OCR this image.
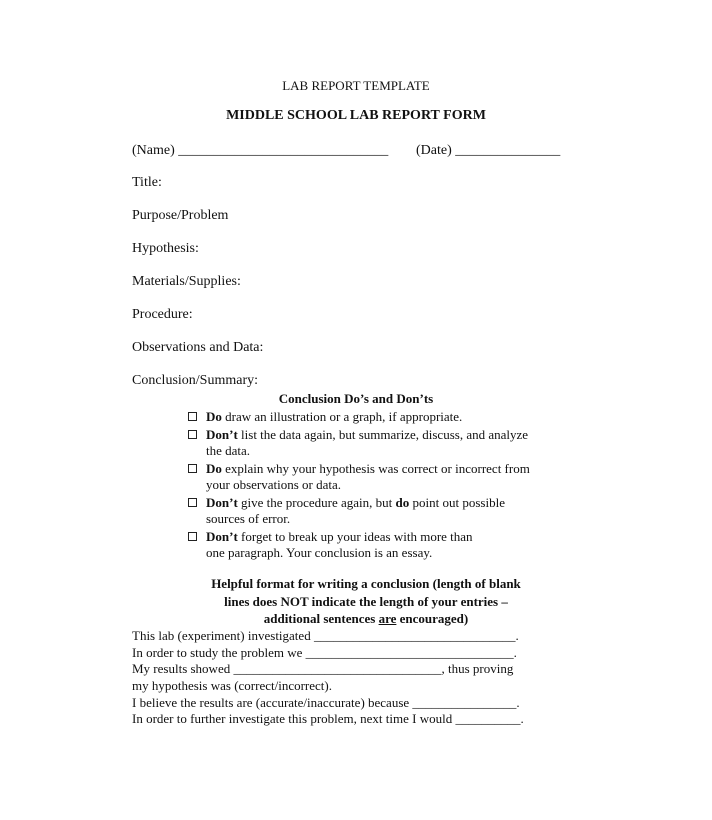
LAB REPORT TEMPLATE
MIDDLE SCHOOL LAB REPORT FORM
(Name) ______________________________ (Date) _______________
Title:
Purpose/Problem
Hypothesis:
Materials/Supplies:
Procedure:
Observations and Data:
Conclusion/Summary:
Conclusion Do’s and Don’ts
Do draw an illustration or a graph, if appropriate.
Don’t list the data again, but summarize, discuss, and analyze
the data.
Do explain why your hypothesis was correct or incorrect from
your observations or data.
Don’t give the procedure again, but do point out possible
sources of error.
Don’t forget to break up your ideas with more than
one paragraph. Your conclusion is an essay.
Helpful format for writing a conclusion (length of blank
lines does NOT indicate the length of your entries –
additional sentences are encouraged)
This lab (experiment) investigated _______________________________.
In order to study the problem we ________________________________.
My results showed ________________________________, thus proving
my hypothesis was (correct/incorrect).
I believe the results are (accurate/inaccurate) because ________________.
In order to further investigate this problem, next time I would __________.
